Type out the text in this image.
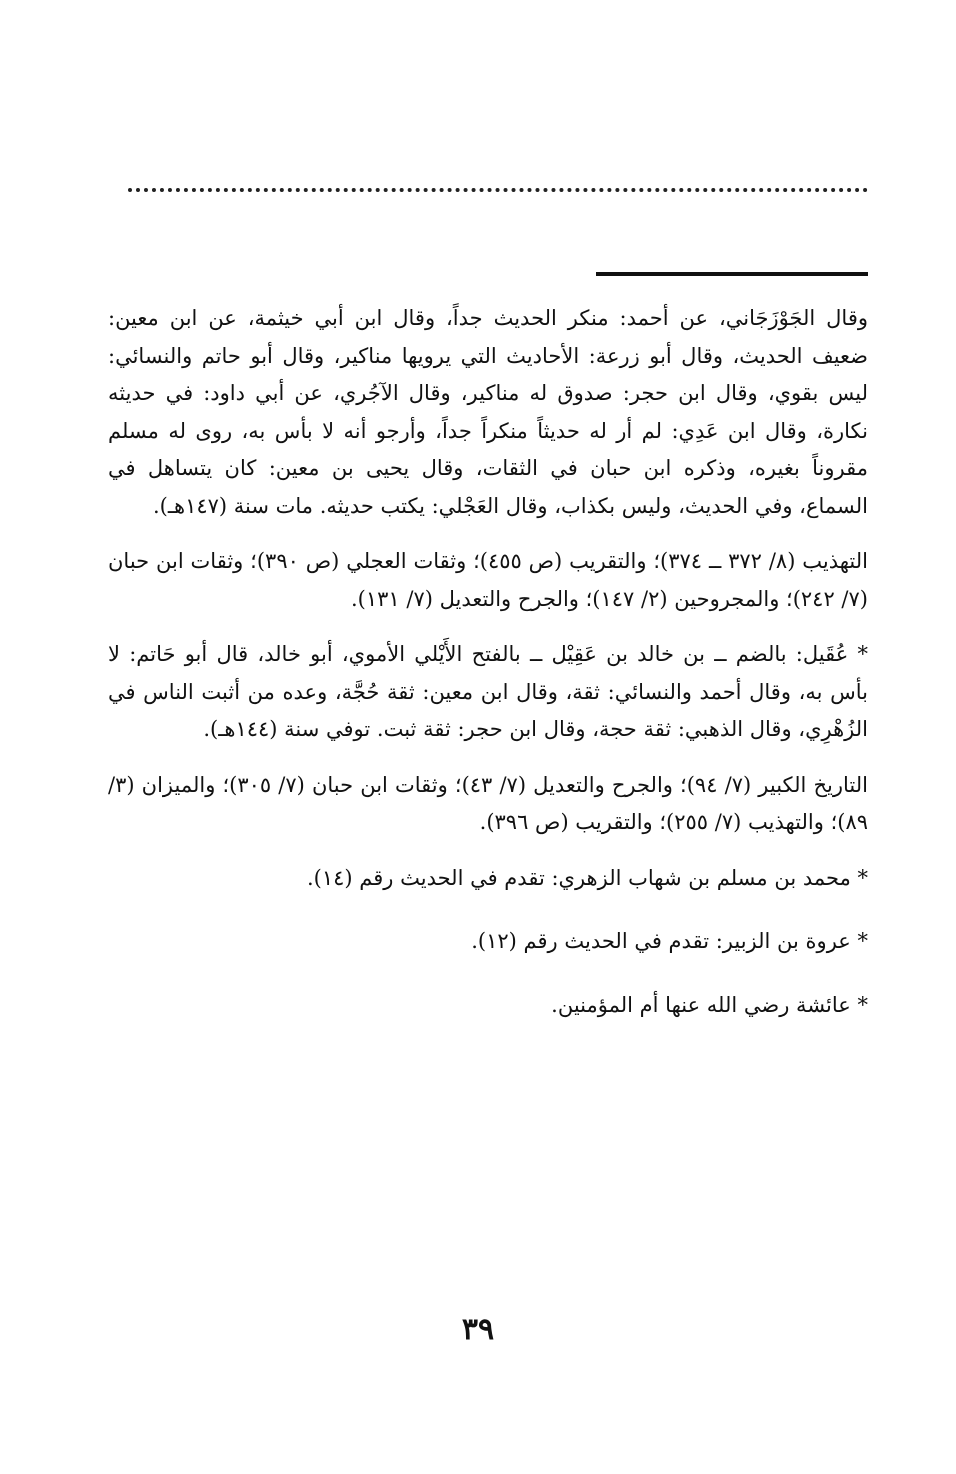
وقال الجَوْزَجَاني، عن أحمد: منكر الحديث جداً، وقال ابن أبي خيثمة، عن ابن معين: ضعيف الحديث، وقال أبو زرعة: الأحاديث التي يرويها مناكير، وقال أبو حاتم والنسائي: ليس بقوي، وقال ابن حجر: صدوق له مناكير، وقال الآجُري، عن أبي داود: في حديثه نكارة، وقال ابن عَدِي: لم أر له حديثاً منكراً جداً، وأرجو أنه لا بأس به، روى له مسلم مقروناً بغيره، وذكره ابن حبان في الثقات، وقال يحيى بن معين: كان يتساهل في السماع، وفي الحديث، وليس بكذاب، وقال العَجْلي: يكتب حديثه. مات سنة (١٤٧هـ).

التهذيب (٨/ ٣٧٢ ــ ٣٧٤)؛ والتقريب (ص ٤٥٥)؛ وثقات العجلي (ص ٣٩٠)؛ وثقات ابن حبان (٧/ ٢٤٢)؛ والمجروحين (٢/ ١٤٧)؛ والجرح والتعديل (٧/ ١٣١).

* عُقَيل: بالضم ــ بن خالد بن عَقِيْل ــ بالفتح الأَيْلي الأموي، أبو خالد، قال أبو حَاتم: لا بأس به، وقال أحمد والنسائي: ثقة، وقال ابن معين: ثقة حُجَّة، وعده من أثبت الناس في الزُهْرِي، وقال الذهبي: ثقة حجة، وقال ابن حجر: ثقة ثبت. توفي سنة (١٤٤هـ).

التاريخ الكبير (٧/ ٩٤)؛ والجرح والتعديل (٧/ ٤٣)؛ وثقات ابن حبان (٧/ ٣٠٥)؛ والميزان (٣/ ٨٩)؛ والتهذيب (٧/ ٢٥٥)؛ والتقريب (ص ٣٩٦).

* محمد بن مسلم بن شهاب الزهري: تقدم في الحديث رقم (١٤).

* عروة بن الزبير: تقدم في الحديث رقم (١٢).

* عائشة رضي الله عنها أم المؤمنين.

٣٩
